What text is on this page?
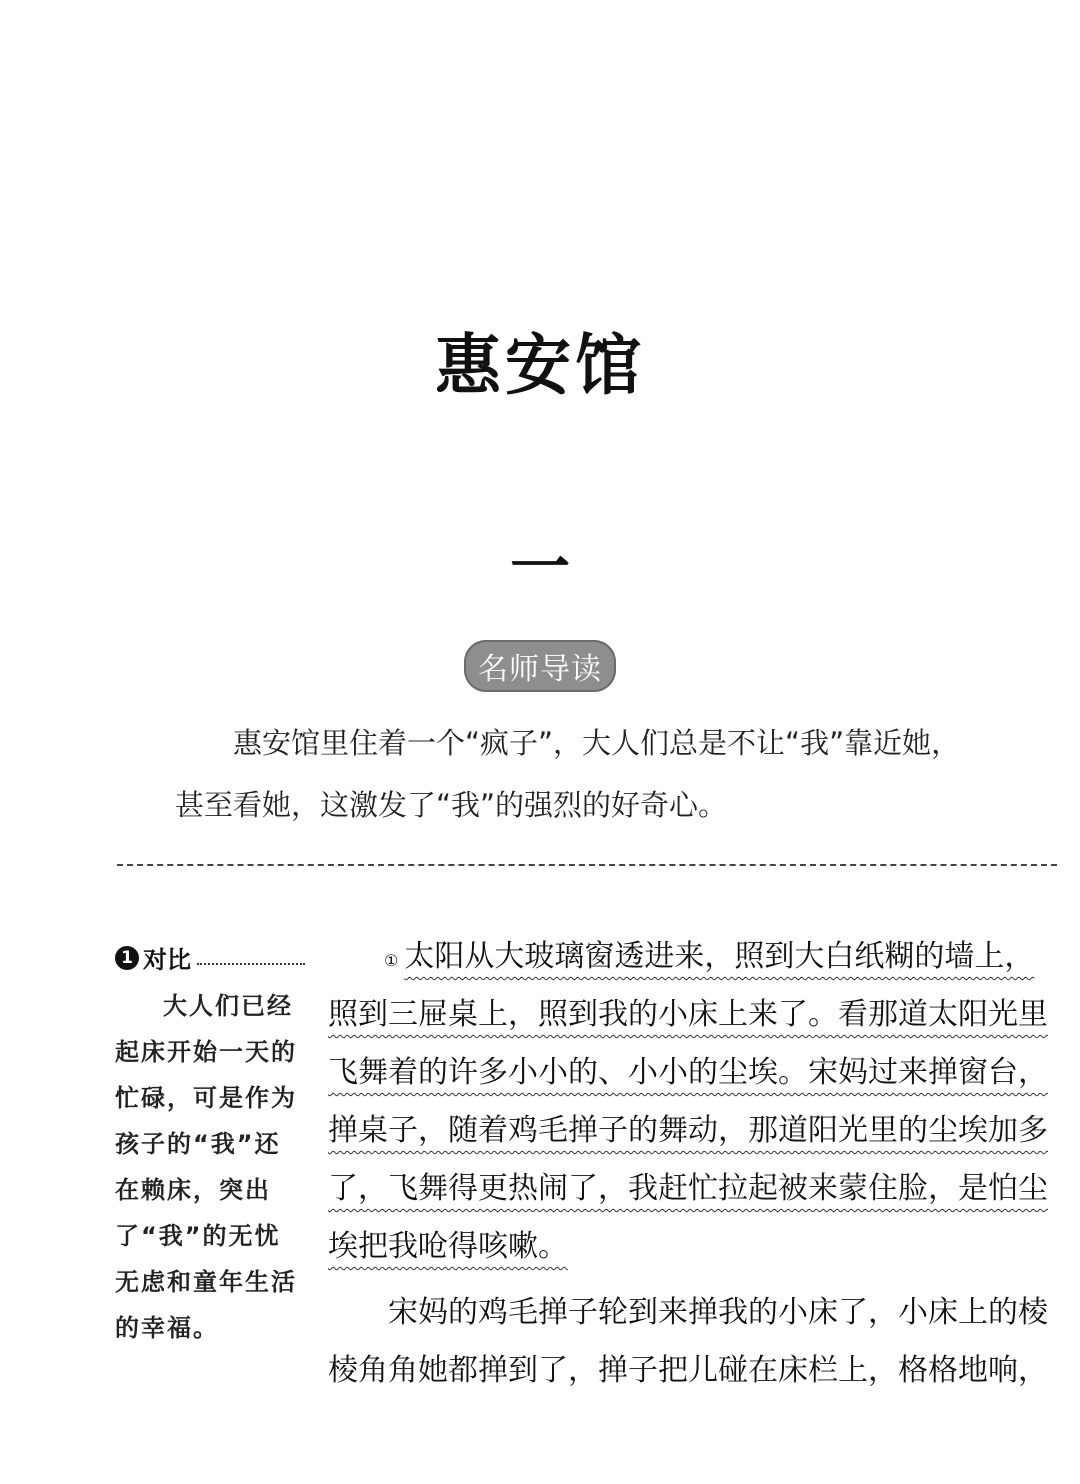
惠安馆
一
名师导读

惠安馆里住着一个“疯子”，大人们总是不让“我”靠近她，

甚至看她，这激发了“我”的强烈的好奇心。

1 对比
大人们已经起床开始一天的忙碌，可是作为孩子的“我”还在赖床，突出了“我”的无忧无虑和童年生活的幸福。

① 太阳从大玻璃窗透进来，照到大白纸糊的墙上，照到三屉桌上，照到我的小床上来了。看那道太阳光里飞舞着的许多小小的、小小的尘埃。宋妈过来掸窗台，掸桌子，随着鸡毛掸子的舞动，那道阳光里的尘埃加多了，飞舞得更热闹了，我赶忙拉起被来蒙住脸，是怕尘埃把我呛得咳嗽。

宋妈的鸡毛掸子轮到来掸我的小床了，小床上的棱棱角角她都掸到了，掸子把儿碰在床栏上，格格地响，
